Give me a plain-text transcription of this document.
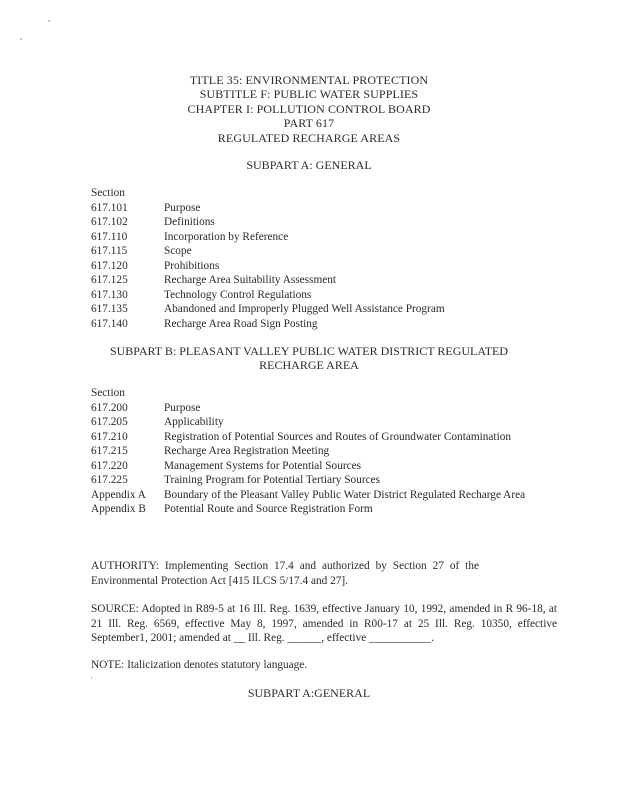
TITLE 35: ENVIRONMENTAL PROTECTION
SUBTITLE F: PUBLIC WATER SUPPLIES
CHAPTER I: POLLUTION CONTROL BOARD
PART 617
REGULATED RECHARGE AREAS
SUBPART A: GENERAL
Section
617.101	Purpose
617.102	Definitions
617.110	Incorporation by Reference
617.115	Scope
617.120	Prohibitions
617.125	Recharge Area Suitability Assessment
617.130	Technology Control Regulations
617.135	Abandoned and Improperly Plugged Well Assistance Program
617.140	Recharge Area Road Sign Posting
SUBPART B: PLEASANT VALLEY PUBLIC WATER DISTRICT REGULATED
RECHARGE AREA
Section
617.200	Purpose
617.205	Applicability
617.210	Registration of Potential Sources and Routes of Groundwater Contamination
617.215	Recharge Area Registration Meeting
617.220	Management Systems for Potential Sources
617.225	Training Program for Potential Tertiary Sources
Appendix A	Boundary of the Pleasant Valley Public Water District Regulated Recharge Area
Appendix B	Potential Route and Source Registration Form
AUTHORITY: Implementing Section 17.4 and authorized by Section 27 of the Environmental Protection Act [415 ILCS 5/17.4 and 27].
SOURCE: Adopted in R89-5 at 16 Ill. Reg. 1639, effective January 10, 1992, amended in R 96-18, at 21 Ill. Reg. 6569, effective May 8, 1997, amended in R00-17 at 25 Ill. Reg. 10350, effective September1, 2001; amended at __ Ill. Reg. ______, effective ___________.
NOTE: Italicization denotes statutory language.
SUBPART A:GENERAL
